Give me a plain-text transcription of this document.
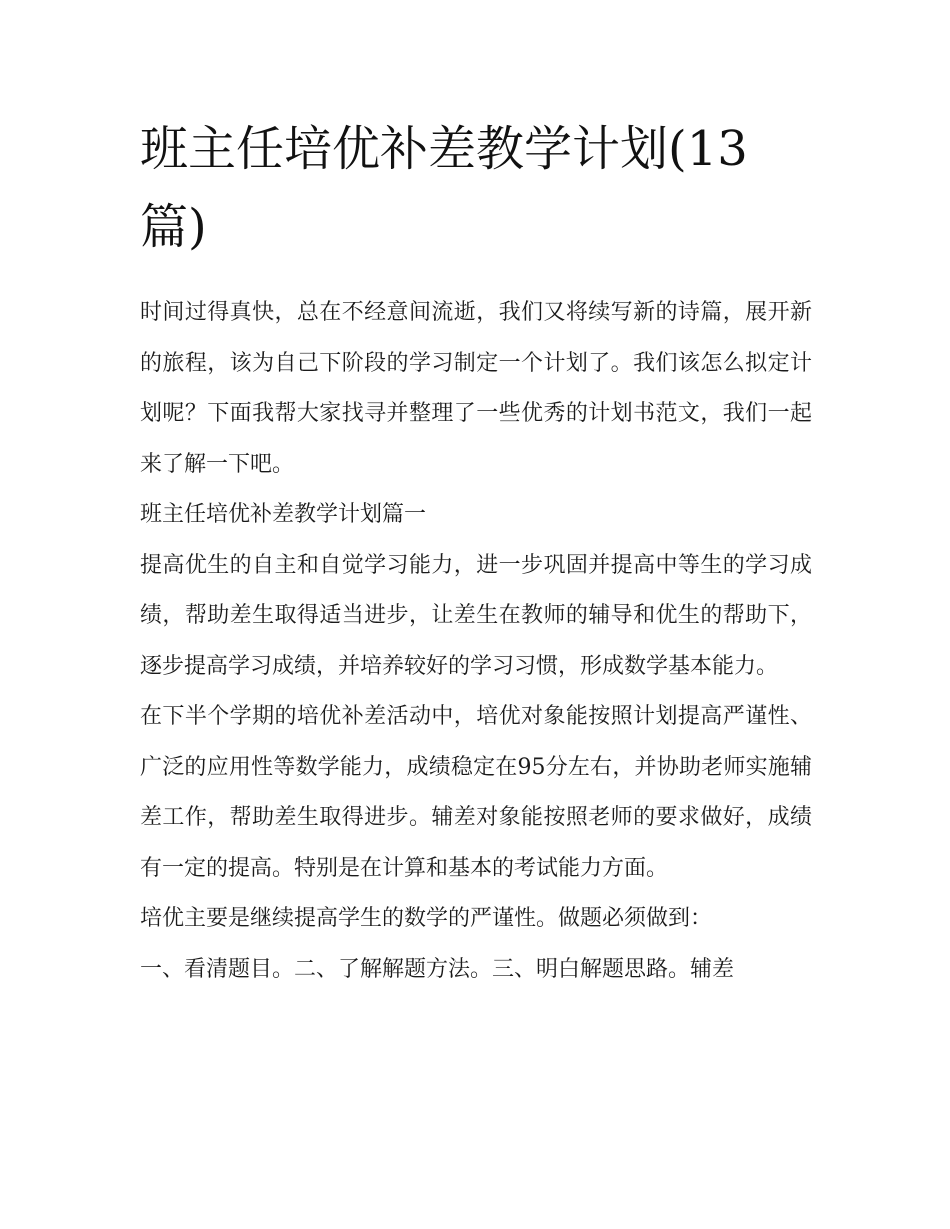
班主任培优补差教学计划(13篇)

时间过得真快，总在不经意间流逝，我们又将续写新的诗篇，展开新的旅程，该为自己下阶段的学习制定一个计划了。我们该怎么拟定计划呢？下面我帮大家找寻并整理了一些优秀的计划书范文，我们一起来了解一下吧。

班主任培优补差教学计划篇一

提高优生的自主和自觉学习能力，进一步巩固并提高中等生的学习成绩，帮助差生取得适当进步，让差生在教师的辅导和优生的帮助下，逐步提高学习成绩，并培养较好的学习习惯，形成数学基本能力。

在下半个学期的培优补差活动中，培优对象能按照计划提高严谨性、广泛的应用性等数学能力，成绩稳定在95分左右，并协助老师实施辅差工作，帮助差生取得进步。辅差对象能按照老师的要求做好，成绩有一定的提高。特别是在计算和基本的考试能力方面。

培优主要是继续提高学生的数学的严谨性。做题必须做到：

一、看清题目。二、了解解题方法。三、明白解题思路。辅差
